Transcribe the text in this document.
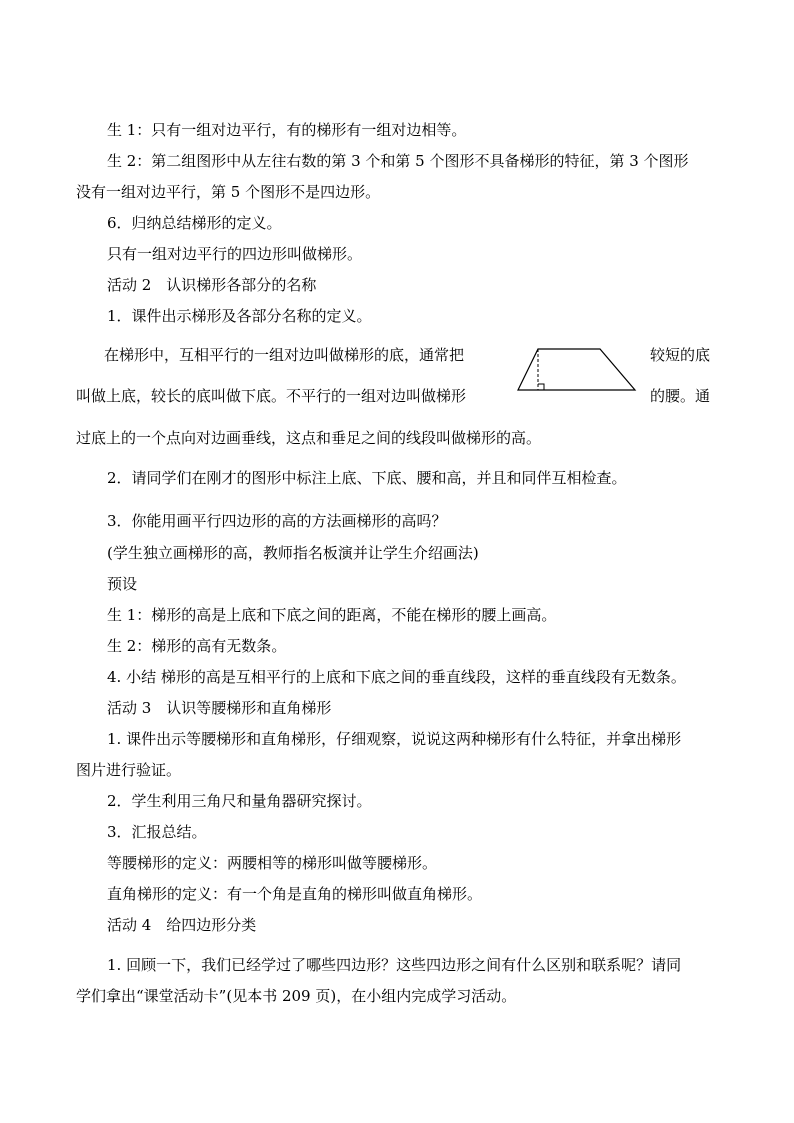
生 1：只有一组对边平行，有的梯形有一组对边相等。
生 2：第二组图形中从左往右数的第 3 个和第 5 个图形不具备梯形的特征，第 3 个图形
没有一组对边平行，第 5 个图形不是四边形。
6．归纳总结梯形的定义。
只有一组对边平行的四边形叫做梯形。
活动 2　认识梯形各部分的名称
1．课件出示梯形及各部分名称的定义。
在梯形中，互相平行的一组对边叫做梯形的底，通常把	较短的底
叫做上底，较长的底叫做下底。不平行的一组对边叫做梯形	的腰。通
过底上的一个点向对边画垂线，这点和垂足之间的线段叫做梯形的高。
2．请同学们在刚才的图形中标注上底、下底、腰和高，并且和同伴互相检查。
3．你能用画平行四边形的高的方法画梯形的高吗？
(学生独立画梯形的高，教师指名板演并让学生介绍画法)
预设
生 1：梯形的高是上底和下底之间的距离，不能在梯形的腰上画高。
生 2：梯形的高有无数条。
4. 小结 梯形的高是互相平行的上底和下底之间的垂直线段，这样的垂直线段有无数条。
活动 3　认识等腰梯形和直角梯形
1. 课件出示等腰梯形和直角梯形，仔细观察，说说这两种梯形有什么特征，并拿出梯形
图片进行验证。
2．学生利用三角尺和量角器研究探讨。
3．汇报总结。
等腰梯形的定义：两腰相等的梯形叫做等腰梯形。
直角梯形的定义：有一个角是直角的梯形叫做直角梯形。
活动 4　给四边形分类
1. 回顾一下，我们已经学过了哪些四边形？这些四边形之间有什么区别和联系呢？请同
学们拿出“课堂活动卡”(见本书 209 页)，在小组内完成学习活动。
